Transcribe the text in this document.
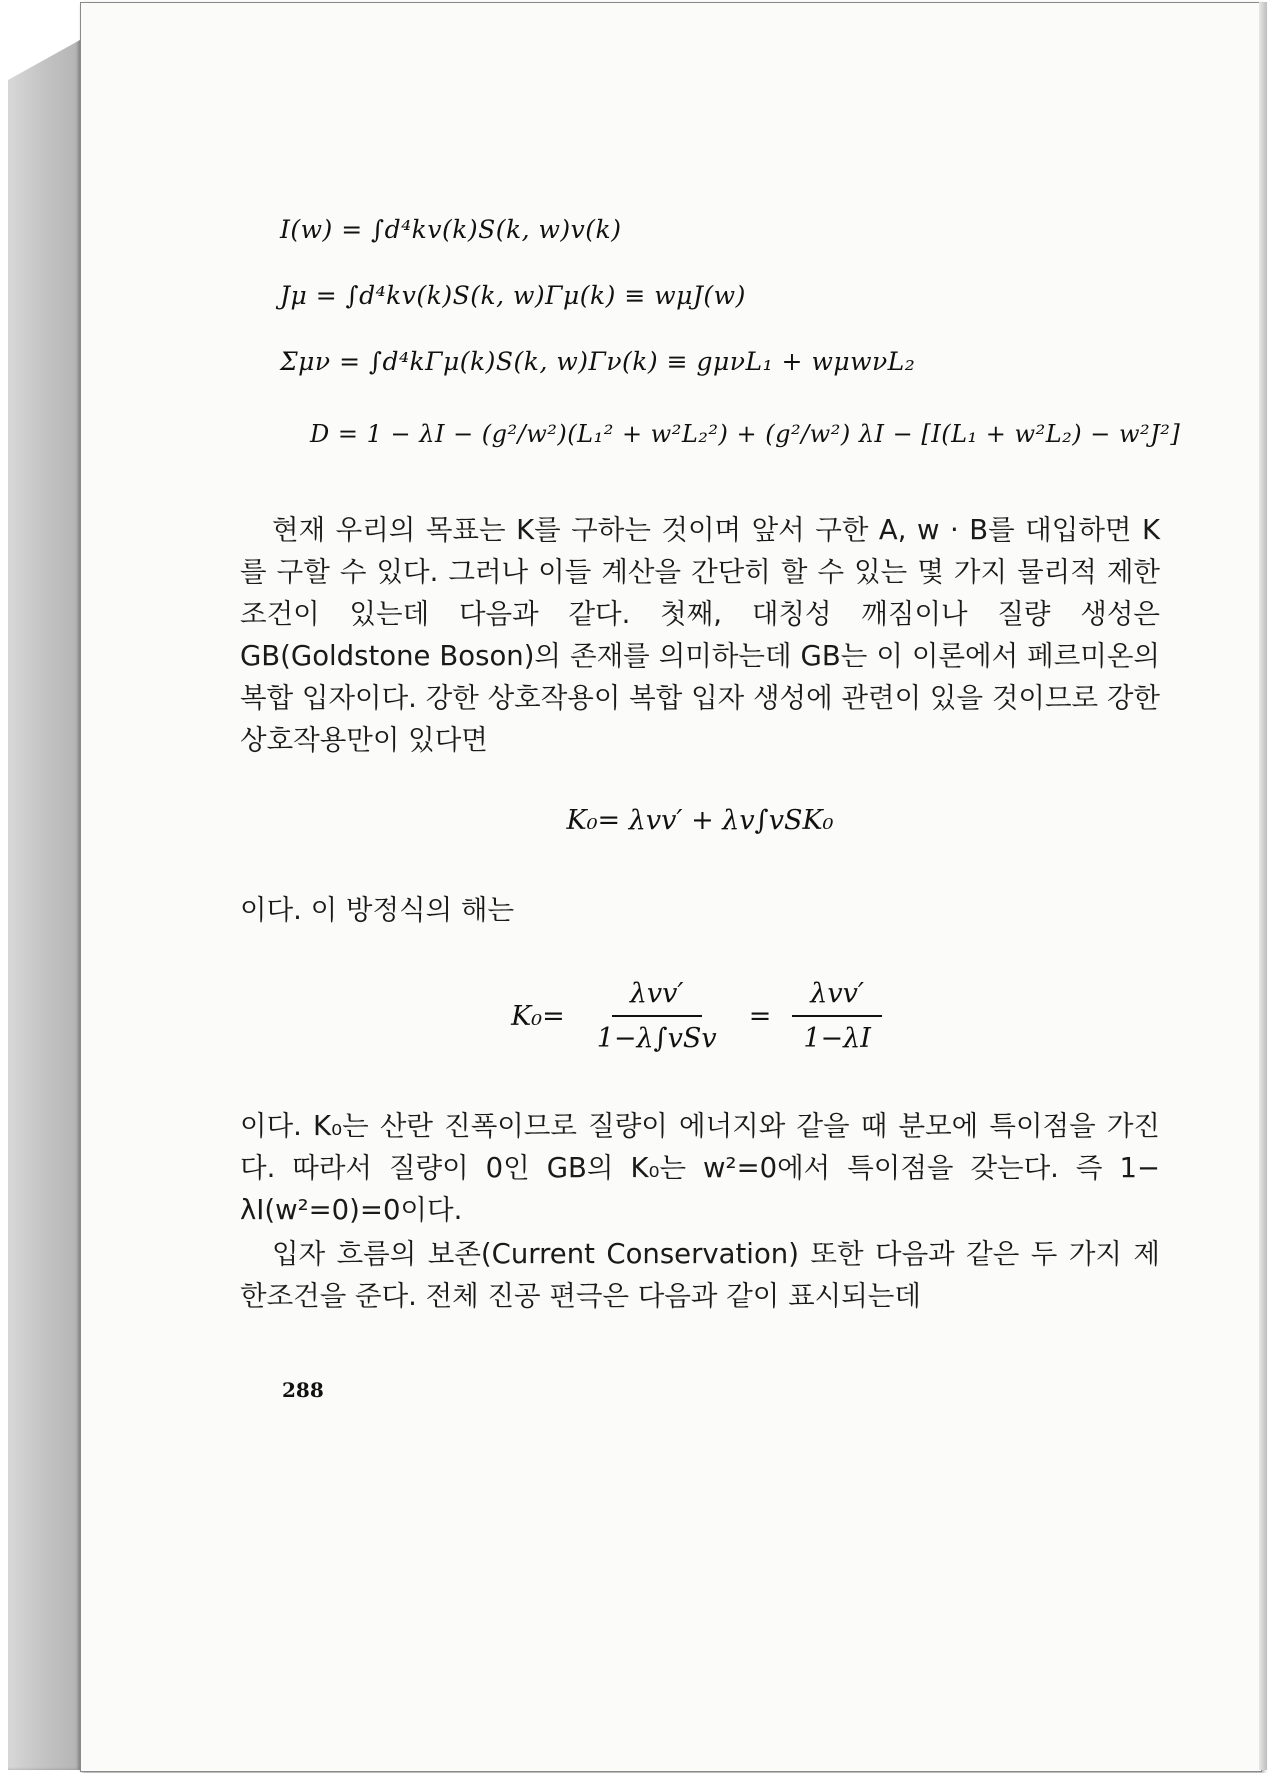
I(w) = ∫d⁴kv(k)S(k, w)v(k)
Jμ = ∫d⁴kv(k)S(k, w)Γμ(k) ≡ wμJ(w)
Σμν = ∫d⁴kΓμ(k)S(k, w)Γν(k) ≡ gμνL₁ + wμwνL₂
D = 1 − λI − (g²/w²)(L₁² + w²L₂²) + (g²/w²) λI − [I(L₁ + w²L₂) − w²J²]
현재 우리의 목표는 K를 구하는 것이며 앞서 구한 A, w · B를 대입하면 K를 구할 수 있다. 그러나 이들 계산을 간단히 할 수 있는 몇 가지 물리적 제한조건이 있는데 다음과 같다. 첫째, 대칭성 깨짐이나 질량 생성은 GB(Goldstone Boson)의 존재를 의미하는데 GB는 이 이론에서 페르미온의 복합 입자이다. 강한 상호작용이 복합 입자 생성에 관련이 있을 것이므로 강한 상호작용만이 있다면
K₀= λvv′ + λv∫vSK₀
이다. 이 방정식의 해는
$K_0= \frac{\text{λvv′}}{\text{1−λ∫vSv}} = \frac{\text{λvv′}}{1-\lambda I}$
이다. K₀는 산란 진폭이므로 질량이 에너지와 같을 때 분모에 특이점을 가진다. 따라서 질량이 0인 GB의 K₀는 w²=0에서 특이점을 갖는다. 즉 1− λI(w²=0)=0이다.
입자 흐름의 보존(Current Conservation) 또한 다음과 같은 두 가지 제한조건을 준다. 전체 진공 편극은 다음과 같이 표시되는데
288
